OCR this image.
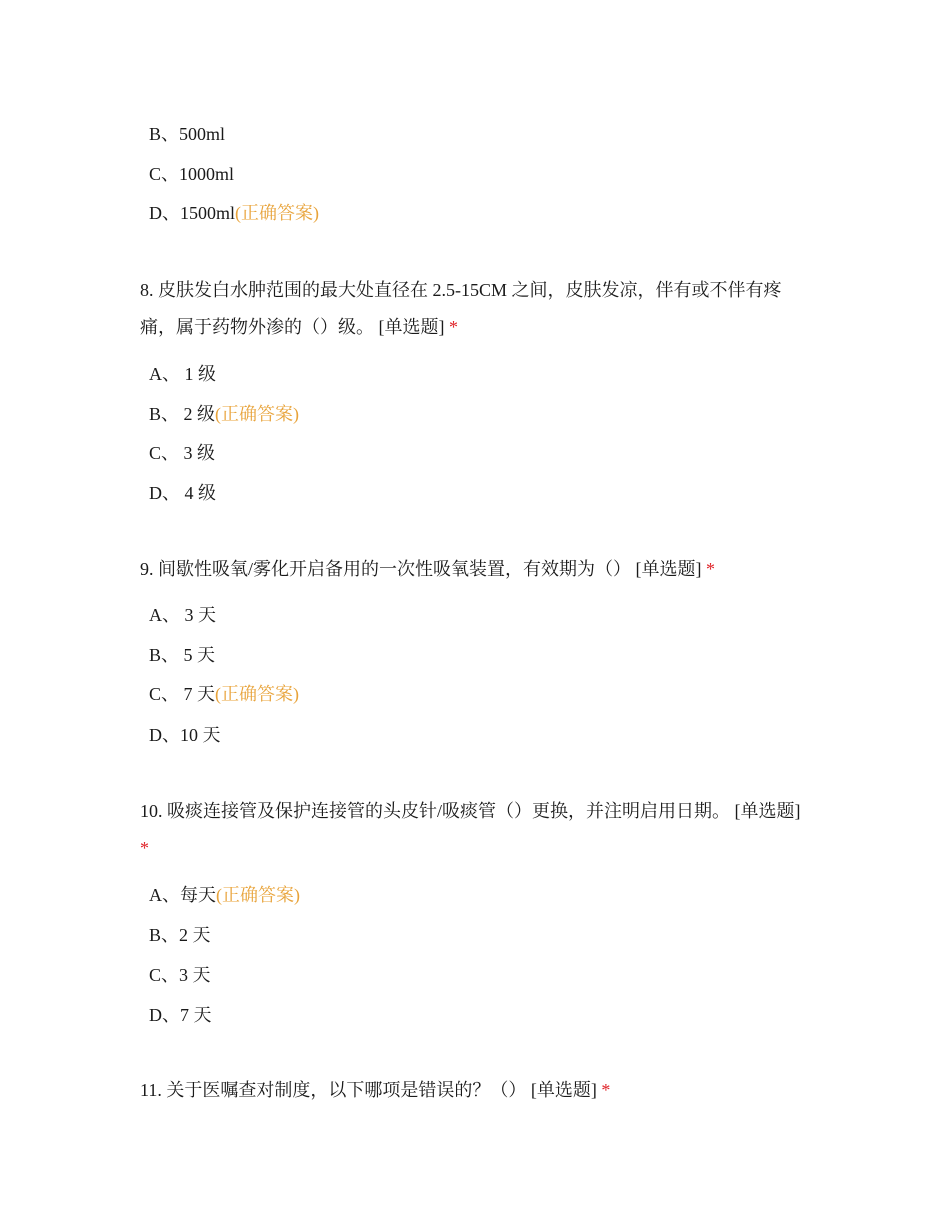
B、500ml
C、1000ml
D、1500ml(正确答案)
8. 皮肤发白水肿范围的最大处直径在 2.5-15CM 之间，皮肤发凉，伴有或不伴有疼痛，属于药物外渗的（）级。 [单选题] *
A、 1 级
B、 2 级(正确答案)
C、 3 级
D、 4 级
9. 间歇性吸氧/雾化开启备用的一次性吸氧装置，有效期为（） [单选题] *
A、 3 天
B、 5 天
C、 7 天(正确答案)
D、10 天
10. 吸痰连接管及保护连接管的头皮针/吸痰管（）更换，并注明启用日期。 [单选题] *
A、每天(正确答案)
B、2 天
C、3 天
D、7 天
11. 关于医嘱查对制度，以下哪项是错误的？（） [单选题] *
